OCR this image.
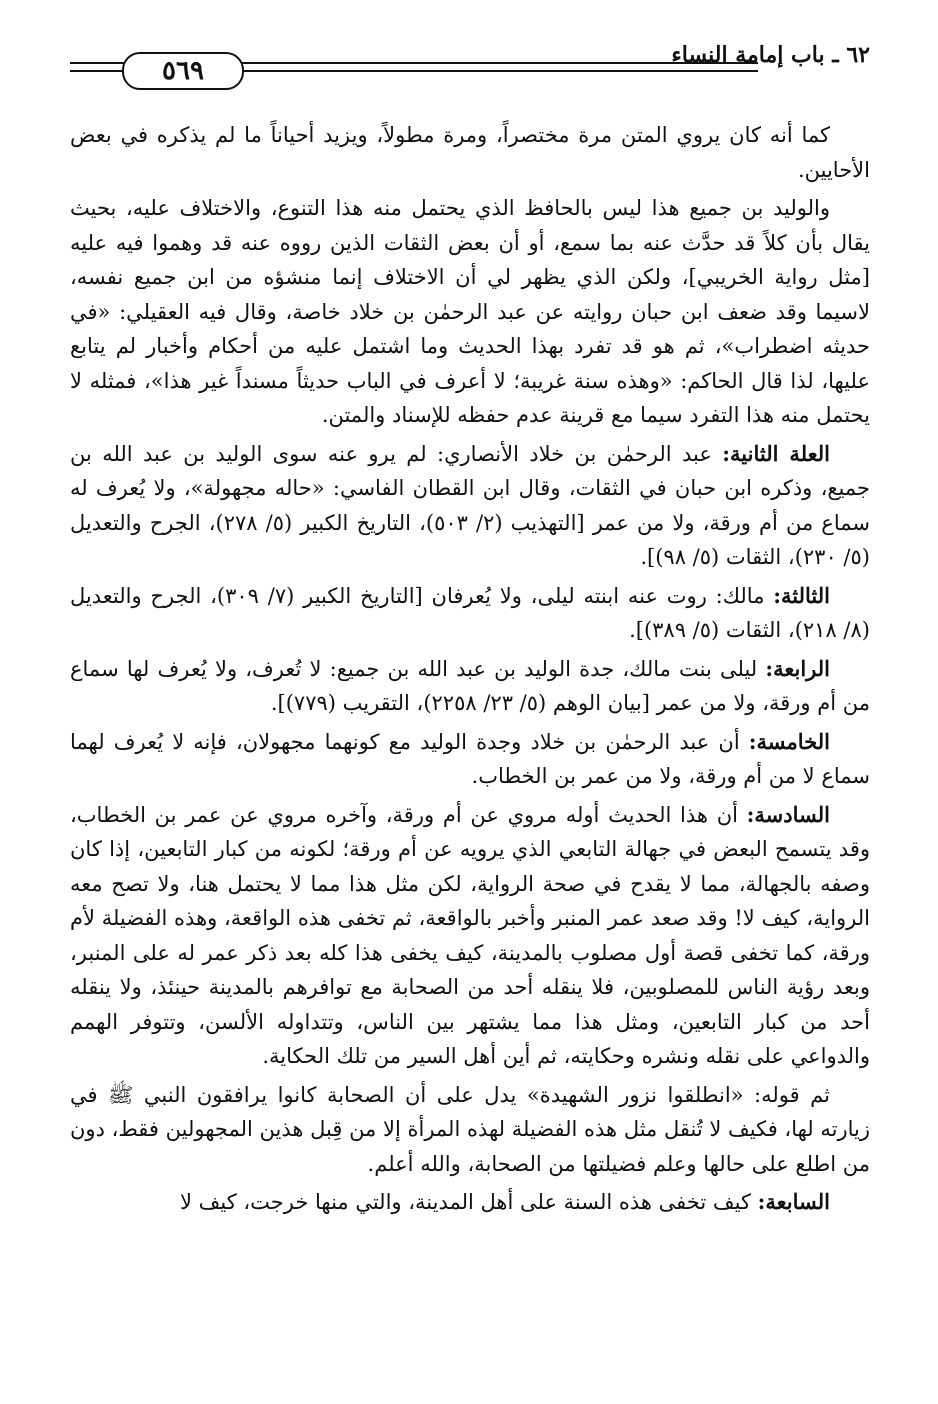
٥٦٩
٦٢ ـ باب إمامة النساء

كما أنه كان يروي المتن مرة مختصراً، ومرة مطولاً، ويزيد أحياناً ما لم يذكره في بعض الأحايين.

والوليد بن جميع هذا ليس بالحافظ الذي يحتمل منه هذا التنوع، والاختلاف عليه، بحيث يقال بأن كلاً قد حدَّث عنه بما سمع، أو أن بعض الثقات الذين رووه عنه قد وهموا فيه عليه [مثل رواية الخريبي]، ولكن الذي يظهر لي أن الاختلاف إنما منشؤه من ابن جميع نفسه، لاسيما وقد ضعف ابن حبان روايته عن عبد الرحمٰن بن خلاد خاصة، وقال فيه العقيلي: «في حديثه اضطراب»، ثم هو قد تفرد بهذا الحديث وما اشتمل عليه من أحكام وأخبار لم يتابع عليها، لذا قال الحاكم: «وهذه سنة غريبة؛ لا أعرف في الباب حديثاً مسنداً غير هذا»، فمثله لا يحتمل منه هذا التفرد سيما مع قرينة عدم حفظه للإسناد والمتن.

العلة الثانية: عبد الرحمٰن بن خلاد الأنصاري: لم يرو عنه سوى الوليد بن عبد الله بن جميع، وذكره ابن حبان في الثقات، وقال ابن القطان الفاسي: «حاله مجهولة»، ولا يُعرف له سماع من أم ورقة، ولا من عمر [التهذيب (٢/ ٥٠٣)، التاريخ الكبير (٥/ ٢٧٨)، الجرح والتعديل (٥/ ٢٣٠)، الثقات (٥/ ٩٨)].

الثالثة: مالك: روت عنه ابنته ليلى، ولا يُعرفان [التاريخ الكبير (٧/ ٣٠٩)، الجرح والتعديل (٨/ ٢١٨)، الثقات (٥/ ٣٨٩)].

الرابعة: ليلى بنت مالك، جدة الوليد بن عبد الله بن جميع: لا تُعرف، ولا يُعرف لها سماع من أم ورقة، ولا من عمر [بيان الوهم (٥/ ٢٣/ ٢٢٥٨)، التقريب (٧٧٩)].

الخامسة: أن عبد الرحمٰن بن خلاد وجدة الوليد مع كونهما مجهولان، فإنه لا يُعرف لهما سماع لا من أم ورقة، ولا من عمر بن الخطاب.

السادسة: أن هذا الحديث أوله مروي عن أم ورقة، وآخره مروي عن عمر بن الخطاب، وقد يتسمح البعض في جهالة التابعي الذي يرويه عن أم ورقة؛ لكونه من كبار التابعين، إذا كان وصفه بالجهالة، مما لا يقدح في صحة الرواية، لكن مثل هذا مما لا يحتمل هنا، ولا تصح معه الرواية، كيف لا! وقد صعد عمر المنبر وأخبر بالواقعة، ثم تخفى هذه الواقعة، وهذه الفضيلة لأم ورقة، كما تخفى قصة أول مصلوب بالمدينة، كيف يخفى هذا كله بعد ذكر عمر له على المنبر، وبعد رؤية الناس للمصلوبين، فلا ينقله أحد من الصحابة مع توافرهم بالمدينة حينئذ، ولا ينقله أحد من كبار التابعين، ومثل هذا مما يشتهر بين الناس، وتتداوله الألسن، وتتوفر الهمم والدواعي على نقله ونشره وحكايته، ثم أين أهل السير من تلك الحكاية.

ثم قوله: «انطلقوا نزور الشهيدة» يدل على أن الصحابة كانوا يرافقون النبي ﷺ في زيارته لها، فكيف لا تُنقل مثل هذه الفضيلة لهذه المرأة إلا من قِبل هذين المجهولين فقط، دون من اطلع على حالها وعلم فضيلتها من الصحابة، والله أعلم.

السابعة: كيف تخفى هذه السنة على أهل المدينة، والتي منها خرجت، كيف لا
